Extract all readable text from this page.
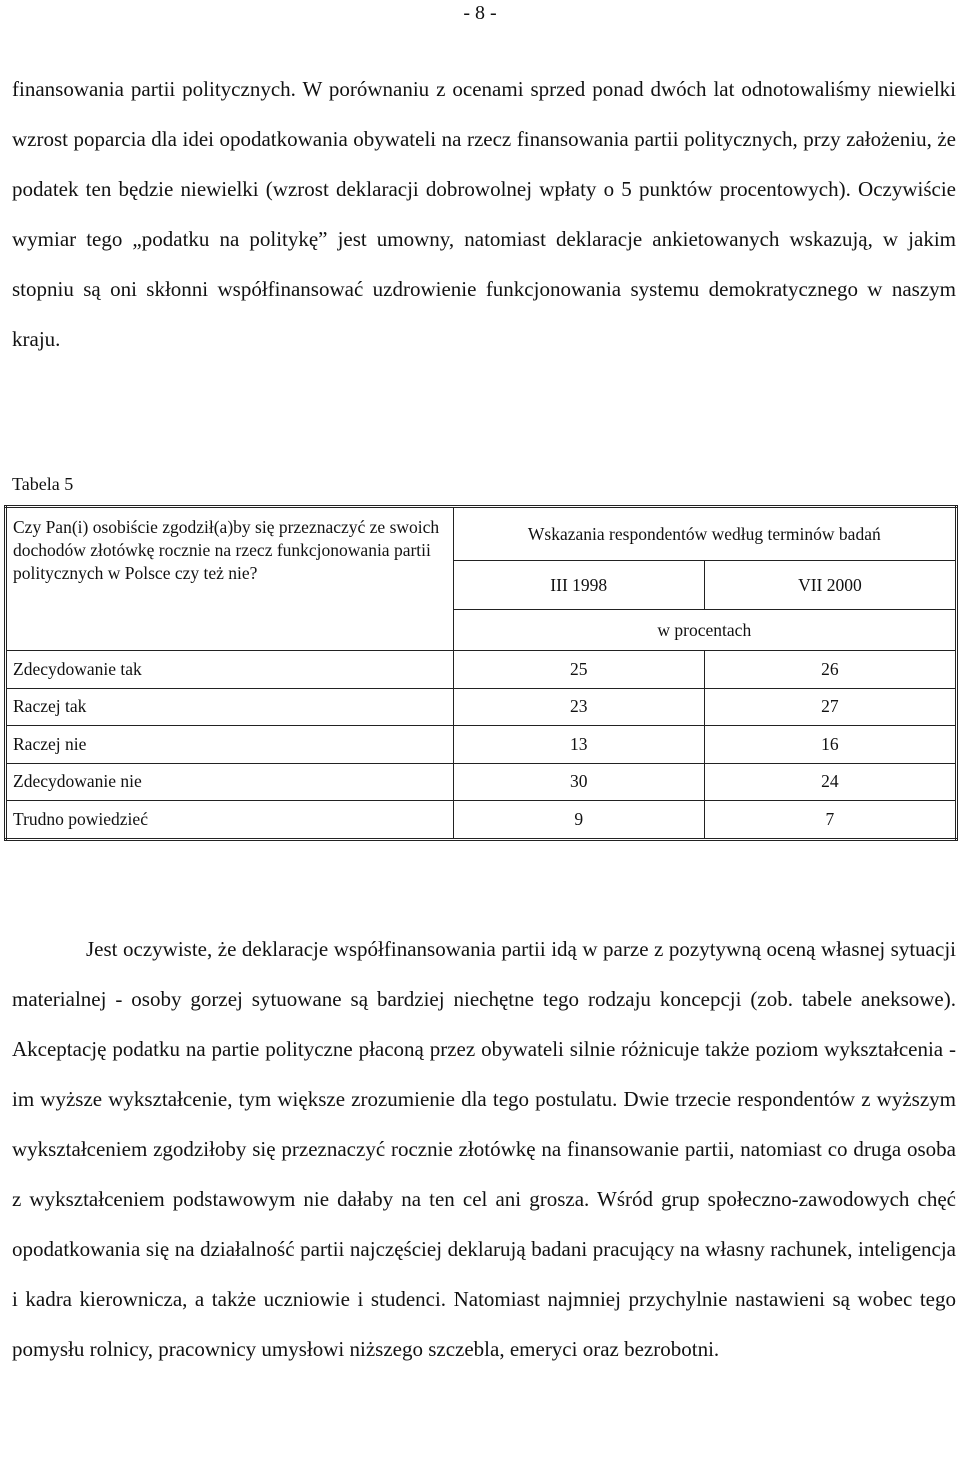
- 8 -

finansowania partii politycznych. W porównaniu z ocenami sprzed ponad dwóch lat odnotowaliśmy niewielki wzrost poparcia dla idei opodatkowania obywateli na rzecz finansowania partii politycznych, przy założeniu, że podatek ten będzie niewielki (wzrost deklaracji dobrowolnej wpłaty o 5 punktów procentowych). Oczywiście wymiar tego „podatku na politykę” jest umowny, natomiast deklaracje ankietowanych wskazują, w jakim stopniu są oni skłonni współfinansować uzdrowienie funkcjonowania systemu demokratycznego w naszym kraju.

Tabela 5
Czy Pan(i) osobiście zgodził(a)by się przeznaczyć ze swoich dochodów złotówkę rocznie na rzecz funkcjonowania partii politycznych w Polsce czy też nie?	Wskazania respondentów według terminów badań	
	III 1998	VII 2000
	w procentach	
Zdecydowanie tak	25	26
Raczej tak	23	27
Raczej nie	13	16
Zdecydowanie nie	30	24
Trudno powiedzieć	9	7

Jest oczywiste, że deklaracje współfinansowania partii idą w parze z pozytywną oceną własnej sytuacji materialnej - osoby gorzej sytuowane są bardziej niechętne tego rodzaju koncepcji (zob. tabele aneksowe). Akceptację podatku na partie polityczne płaconą przez obywateli silnie różnicuje także poziom wykształcenia - im wyższe wykształcenie, tym większe zrozumienie dla tego postulatu. Dwie trzecie respondentów z wyższym wykształceniem zgodziłoby się przeznaczyć rocznie złotówkę na finansowanie partii, natomiast co druga osoba z wykształceniem podstawowym nie dałaby na ten cel ani grosza. Wśród grup społeczno-zawodowych chęć opodatkowania się na działalność partii najczęściej deklarują badani pracujący na własny rachunek, inteligencja i kadra kierownicza, a także uczniowie i studenci. Natomiast najmniej przychylnie nastawieni są wobec tego pomysłu rolnicy, pracownicy umysłowi niższego szczebla, emeryci oraz bezrobotni.
